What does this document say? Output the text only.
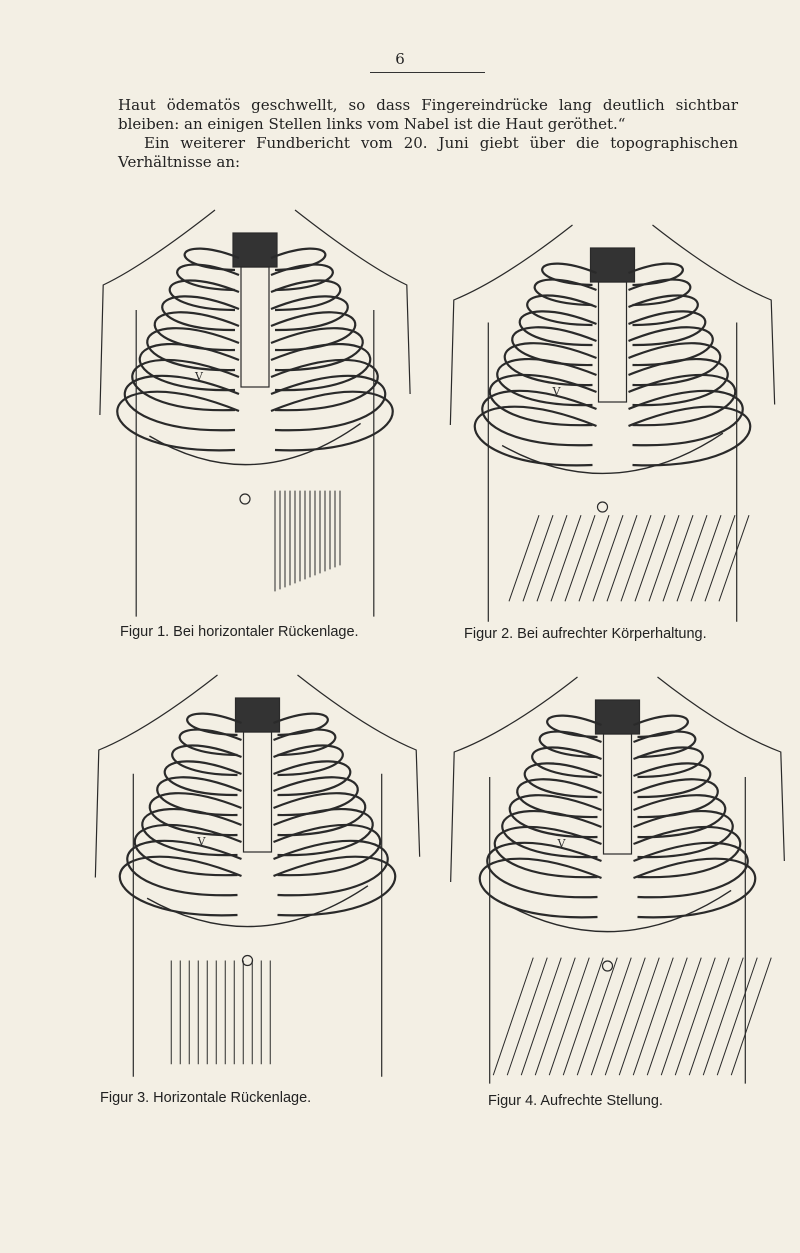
6

Haut ödematös geschwellt, so dass Fingereindrücke lang deutlich sichtbar bleiben: an einigen Stellen links vom Nabel ist die Haut geröthet.“

Ein weiterer Fundbericht vom 20. Juni giebt über die topographischen Verhältnisse an:

V
Figur 1. Bei horizontaler Rückenlage.
V
Figur 2. Bei aufrechter Körperhaltung.
V
Figur 3. Horizontale Rückenlage.
V
Figur 4. Aufrechte Stellung.
